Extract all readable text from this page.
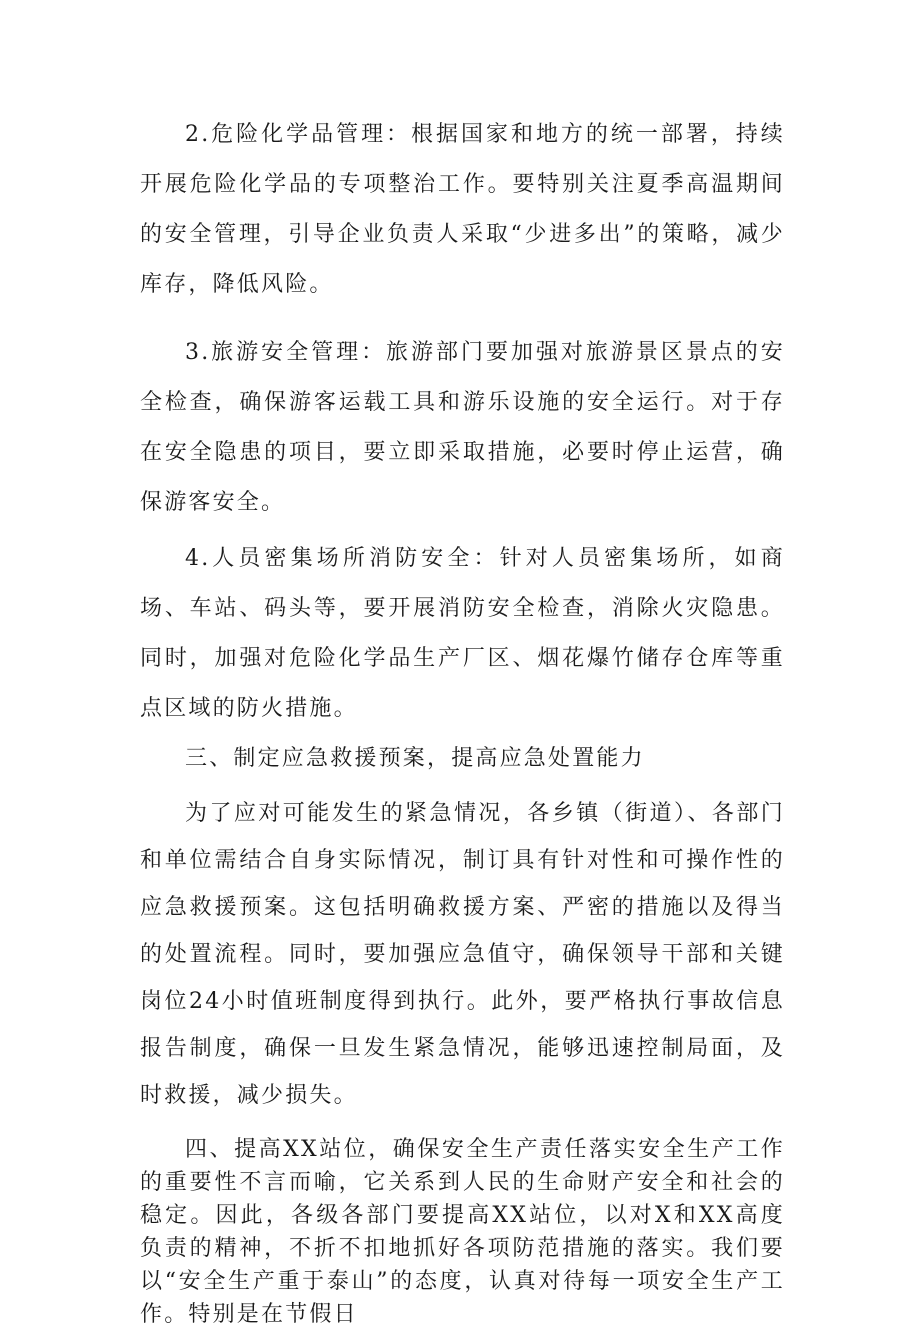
2.危险化学品管理：根据国家和地方的统一部署，持续开展危险化学品的专项整治工作。要特别关注夏季高温期间的安全管理，引导企业负责人采取“少进多出”的策略，减少库存，降低风险。

3.旅游安全管理：旅游部门要加强对旅游景区景点的安全检查，确保游客运载工具和游乐设施的安全运行。对于存在安全隐患的项目，要立即采取措施，必要时停止运营，确保游客安全。

4.人员密集场所消防安全：针对人员密集场所，如商场、车站、码头等，要开展消防安全检查，消除火灾隐患。同时，加强对危险化学品生产厂区、烟花爆竹储存仓库等重点区域的防火措施。

三、制定应急救援预案，提高应急处置能力

为了应对可能发生的紧急情况，各乡镇（街道）、各部门和单位需结合自身实际情况，制订具有针对性和可操作性的应急救援预案。这包括明确救援方案、严密的措施以及得当的处置流程。同时，要加强应急值守，确保领导干部和关键岗位24小时值班制度得到执行。此外，要严格执行事故信息报告制度，确保一旦发生紧急情况，能够迅速控制局面，及时救援，减少损失。

四、提高XX站位，确保安全生产责任落实安全生产工作的重要性不言而喻，它关系到人民的生命财产安全和社会的稳定。因此，各级各部门要提高XX站位，以对X和XX高度负责的精神，不折不扣地抓好各项防范措施的落实。我们要以“安全生产重于泰山”的态度，认真对待每一项安全生产工作。特别是在节假日
